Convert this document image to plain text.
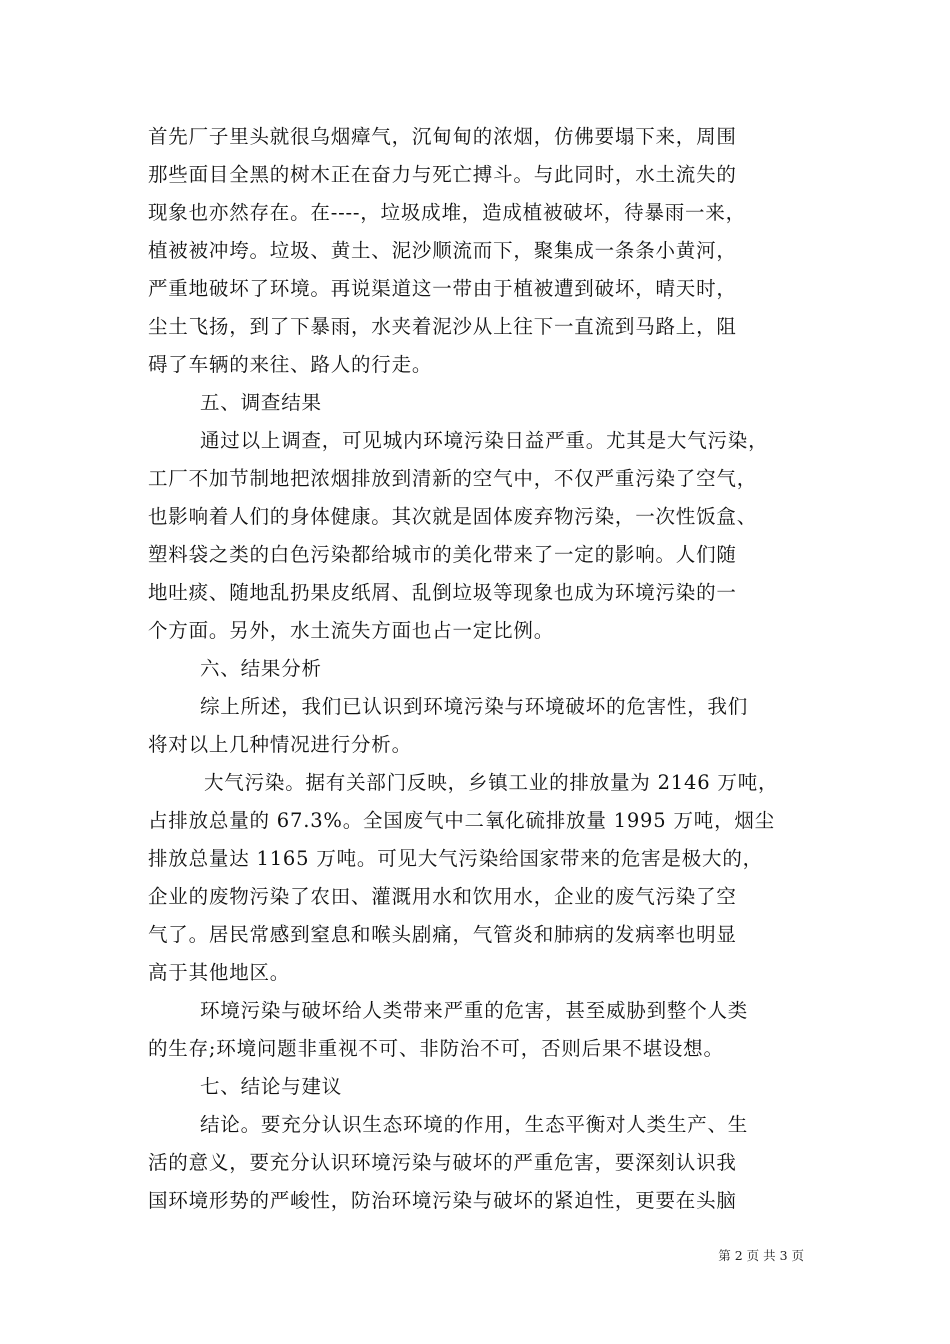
首先厂子里头就很乌烟瘴气，沉甸甸的浓烟，仿佛要塌下来，周围
那些面目全黑的树木正在奋力与死亡搏斗。与此同时，水土流失的
现象也亦然存在。在----，垃圾成堆，造成植被破坏，待暴雨一来，
植被被冲垮。垃圾、黄土、泥沙顺流而下，聚集成一条条小黄河，
严重地破坏了环境。再说渠道这一带由于植被遭到破坏，晴天时，
尘土飞扬，到了下暴雨，水夹着泥沙从上往下一直流到马路上，阻
碍了车辆的来往、路人的行走。
五、调查结果
通过以上调查，可见城内环境污染日益严重。尤其是大气污染，
工厂不加节制地把浓烟排放到清新的空气中，不仅严重污染了空气，
也影响着人们的身体健康。其次就是固体废弃物污染，一次性饭盒、
塑料袋之类的白色污染都给城市的美化带来了一定的影响。人们随
地吐痰、随地乱扔果皮纸屑、乱倒垃圾等现象也成为环境污染的一
个方面。另外，水土流失方面也占一定比例。
六、结果分析
综上所述，我们已认识到环境污染与环境破坏的危害性，我们
将对以上几种情况进行分析。
大气污染。据有关部门反映，乡镇工业的排放量为 2146 万吨，
占排放总量的 67.3%。全国废气中二氧化硫排放量 1995 万吨，烟尘
排放总量达 1165 万吨。可见大气污染给国家带来的危害是极大的，
企业的废物污染了农田、灌溉用水和饮用水，企业的废气污染了空
气了。居民常感到窒息和喉头剧痛，气管炎和肺病的发病率也明显
高于其他地区。
环境污染与破坏给人类带来严重的危害，甚至威胁到整个人类
的生存;环境问题非重视不可、非防治不可，否则后果不堪设想。
七、结论与建议
结论。要充分认识生态环境的作用，生态平衡对人类生产、生
活的意义，要充分认识环境污染与破坏的严重危害，要深刻认识我
国环境形势的严峻性，防治环境污染与破坏的紧迫性，更要在头脑
第 2 页 共 3 页
